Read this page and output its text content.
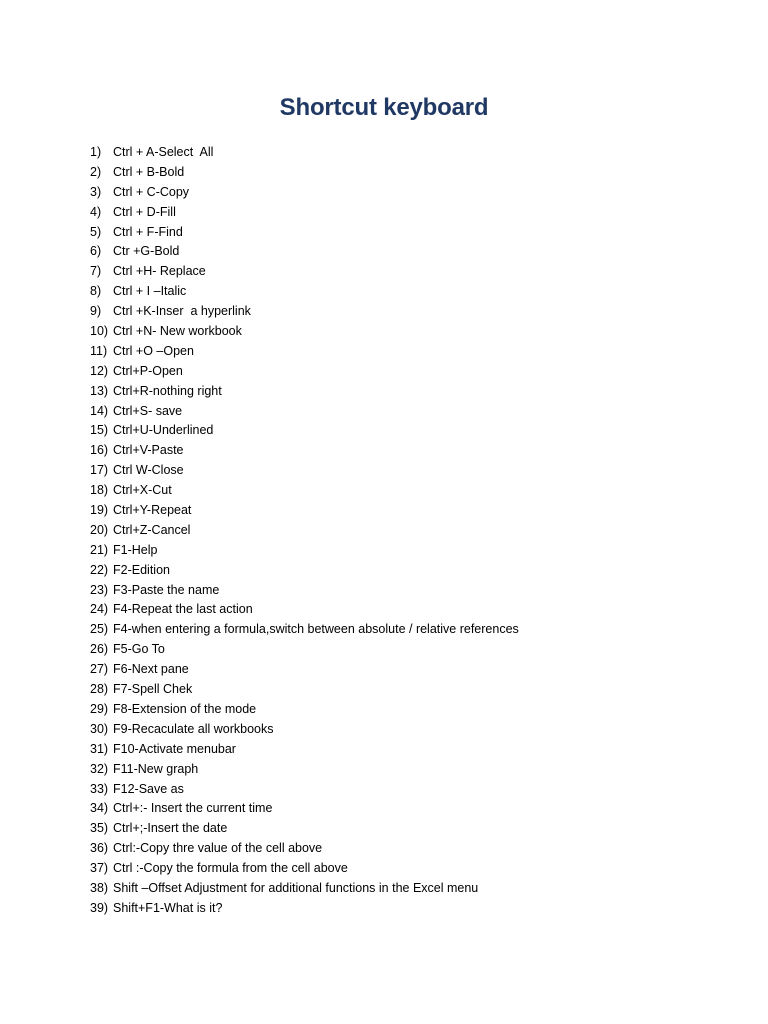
Shortcut keyboard
1) Ctrl + A-Select  All
2) Ctrl + B-Bold
3) Ctrl + C-Copy
4) Ctrl + D-Fill
5) Ctrl + F-Find
6) Ctr +G-Bold
7) Ctrl +H- Replace
8) Ctrl + I –Italic
9) Ctrl +K-Inser  a hyperlink
10) Ctrl +N- New workbook
11) Ctrl +O –Open
12) Ctrl+P-Open
13) Ctrl+R-nothing right
14) Ctrl+S- save
15) Ctrl+U-Underlined
16) Ctrl+V-Paste
17) Ctrl W-Close
18) Ctrl+X-Cut
19) Ctrl+Y-Repeat
20) Ctrl+Z-Cancel
21) F1-Help
22) F2-Edition
23) F3-Paste the name
24) F4-Repeat the last action
25) F4-when entering a formula,switch between absolute / relative references
26) F5-Go To
27) F6-Next pane
28) F7-Spell Chek
29) F8-Extension of the mode
30) F9-Recaculate all workbooks
31) F10-Activate menubar
32) F11-New graph
33) F12-Save as
34) Ctrl+:- Insert the current time
35) Ctrl+;-Insert the date
36) Ctrl:-Copy thre value of the cell above
37) Ctrl :-Copy the formula from the cell above
38) Shift –Offset Adjustment for additional functions in the Excel menu
39) Shift+F1-What is it?
